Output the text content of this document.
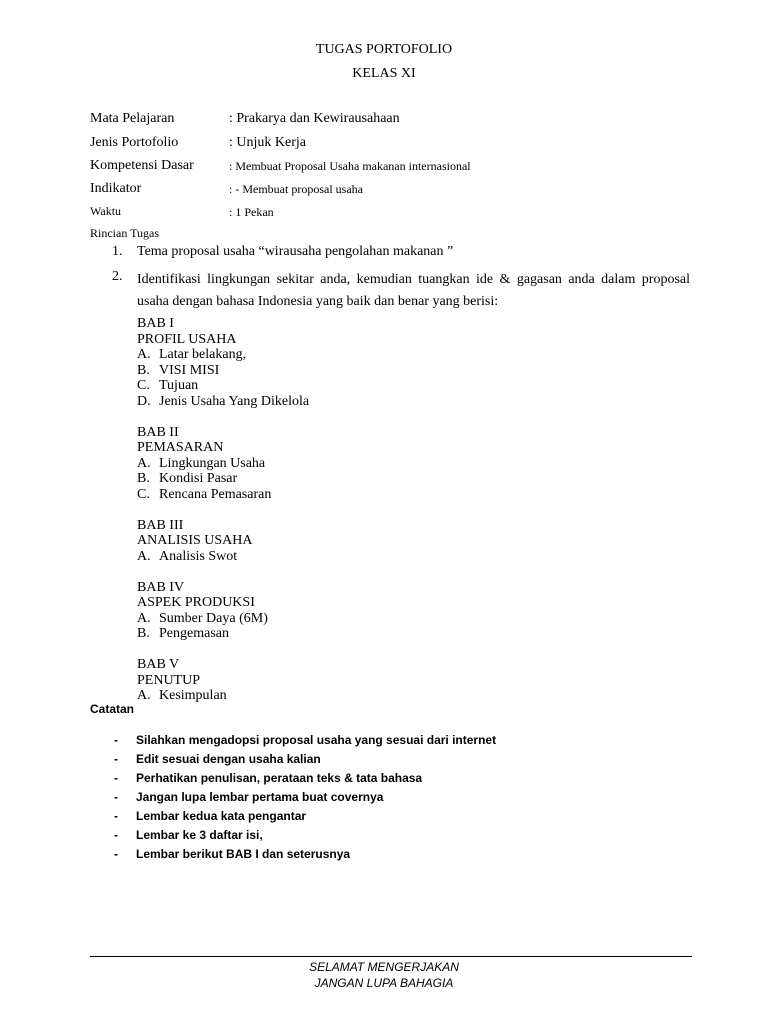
TUGAS PORTOFOLIO
KELAS XI
Mata Pelajaran	: Prakarya dan Kewirausahaan
Jenis Portofolio	: Unjuk Kerja
Kompetensi Dasar	: Membuat Proposal Usaha makanan internasional
Indikator	: - Membuat proposal usaha
Waktu	: 1 Pekan
Rincian Tugas
1. Tema proposal usaha “wirausaha pengolahan makanan ”
2. Identifikasi lingkungan sekitar anda, kemudian tuangkan ide & gagasan anda dalam proposal
usaha dengan bahasa Indonesia yang baik dan benar yang berisi:
BAB I
PROFIL USAHA
A. Latar belakang,
B. VISI MISI
C. Tujuan
D. Jenis Usaha Yang Dikelola
BAB II
PEMASARAN
A. Lingkungan Usaha
B. Kondisi Pasar
C. Rencana Pemasaran
BAB III
ANALISIS USAHA
A. Analisis Swot
BAB IV
ASPEK PRODUKSI
A. Sumber Daya (6M)
B. Pengemasan
BAB V
PENUTUP
A. Kesimpulan
Catatan
- Silahkan mengadopsi proposal usaha yang sesuai dari internet
- Edit sesuai dengan usaha kalian
- Perhatikan penulisan, perataan teks & tata bahasa
- Jangan lupa lembar pertama buat covernya
- Lembar kedua kata pengantar
- Lembar ke 3 daftar isi,
- Lembar berikut BAB I dan seterusnya
SELAMAT MENGERJAKAN
JANGAN LUPA BAHAGIA
